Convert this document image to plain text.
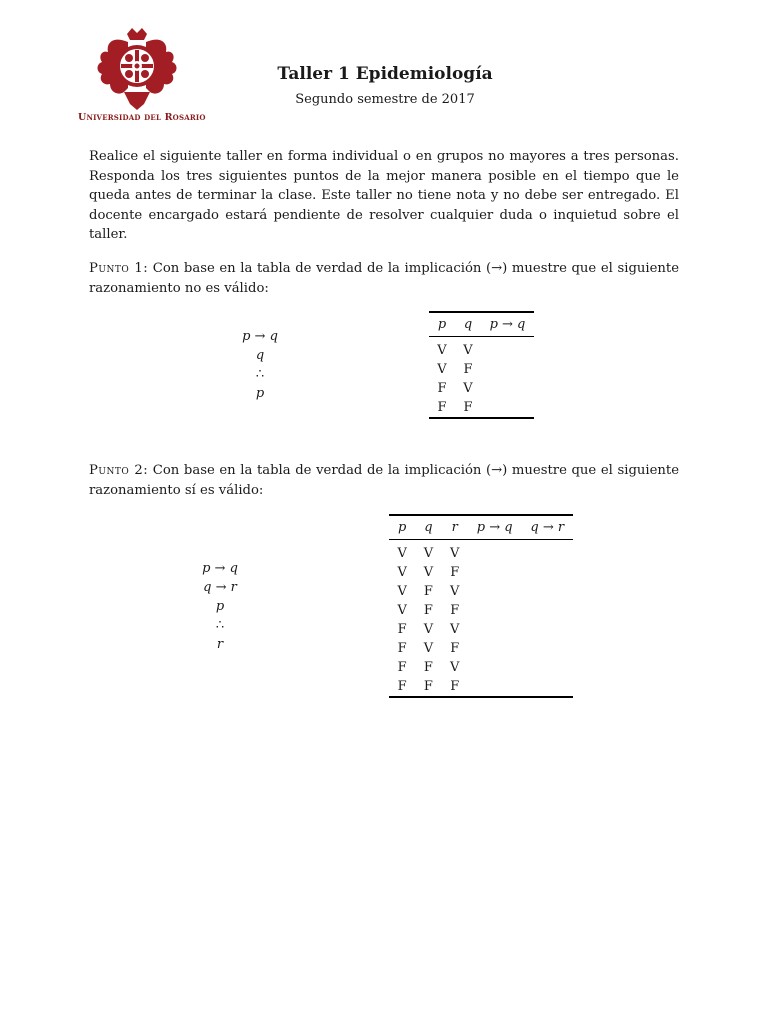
Universidad del Rosario
Taller 1 Epidemiología
Segundo semestre de 2017
Realice el siguiente taller en forma individual o en grupos no mayores a tres personas. Responda los tres siguientes puntos de la mejor manera posible en el tiempo que le queda antes de terminar la clase. Este taller no tiene nota y no debe ser entregado. El docente encargado estará pendiente de resolver cualquier duda o inquietud sobre el taller.
Punto 1: Con base en la tabla de verdad de la implicación (→) muestre que el siguiente razonamiento no es válido:
p → q
q
∴
p
p	q	p → q
V	V	
V	F	
F	V	
F	F	
Punto 2: Con base en la tabla de verdad de la implicación (→) muestre que el siguiente razonamiento sí es válido:
p → q
q → r
p
∴
r
p	q	r	p → q	q → r
V	V	V		
V	V	F		
V	F	V		
V	F	F		
F	V	V		
F	V	F		
F	F	V		
F	F	F		
